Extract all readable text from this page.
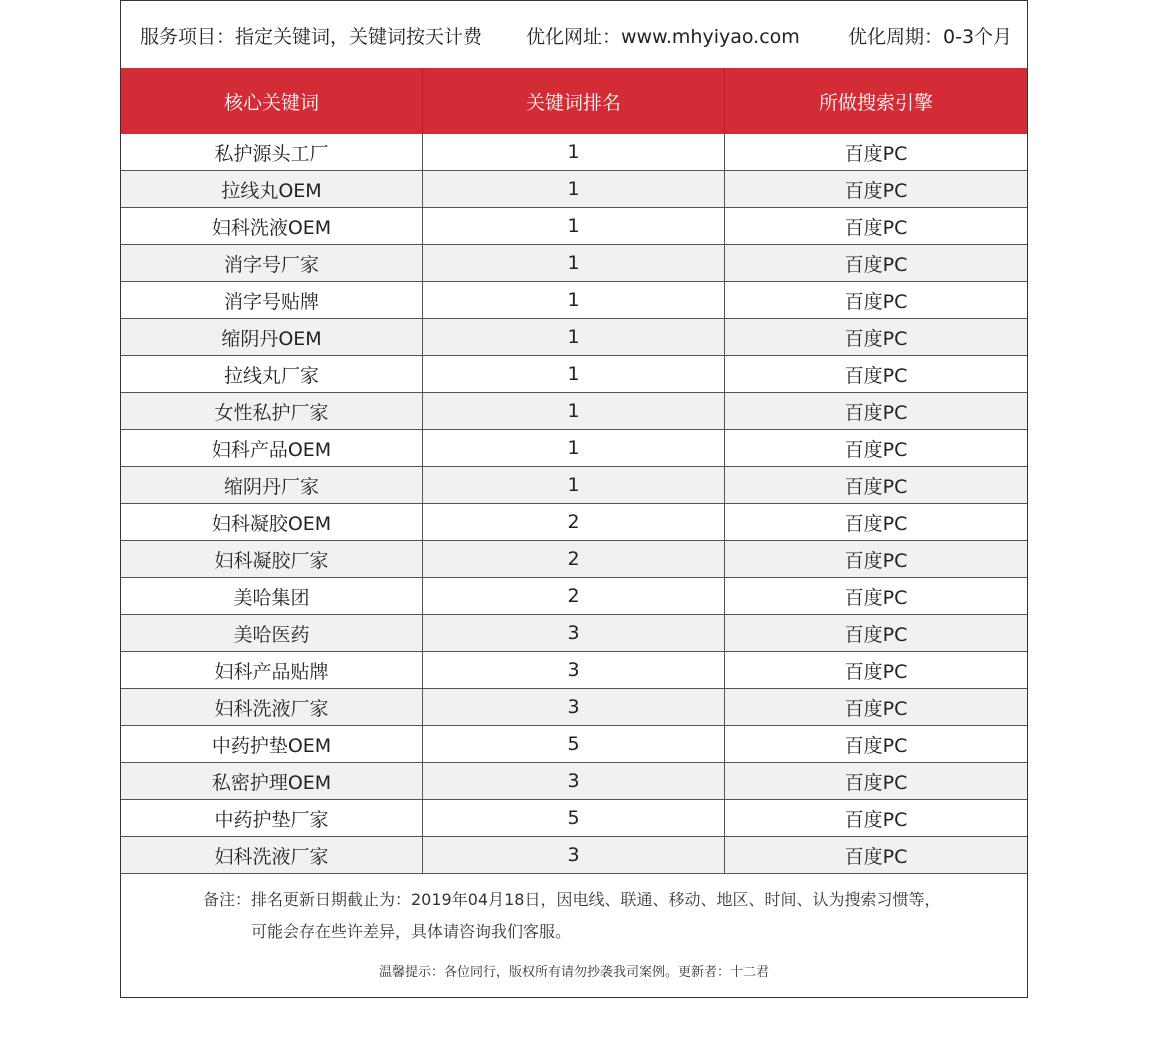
服务项目：指定关键词，关键词按天计费 优化网址：www.mhyiyao.com	优化周期：0-3个月
核心关键词	关键词排名	所做搜索引擎
私护源头工厂	1	百度PC
拉线丸OEM	1	百度PC
妇科洗液OEM	1	百度PC
消字号厂家	1	百度PC
消字号贴牌	1	百度PC
缩阴丹OEM	1	百度PC
拉线丸厂家	1	百度PC
女性私护厂家	1	百度PC
妇科产品OEM	1	百度PC
缩阴丹厂家	1	百度PC
妇科凝胶OEM	2	百度PC
妇科凝胶厂家	2	百度PC
美哈集团	2	百度PC
美哈医药	3	百度PC
妇科产品贴牌	3	百度PC
妇科洗液厂家	3	百度PC
中药护垫OEM	5	百度PC
私密护理OEM	3	百度PC
中药护垫厂家	5	百度PC
妇科洗液厂家	3	百度PC
备注：排名更新日期截止为：2019年04月18日，因电线、联通、移动、地区、时间、认为搜索习惯等，
可能会存在些许差异，具体请咨询我们客服。
温馨提示：各位同行，版权所有请勿抄袭我司案例。更新者：十二君
